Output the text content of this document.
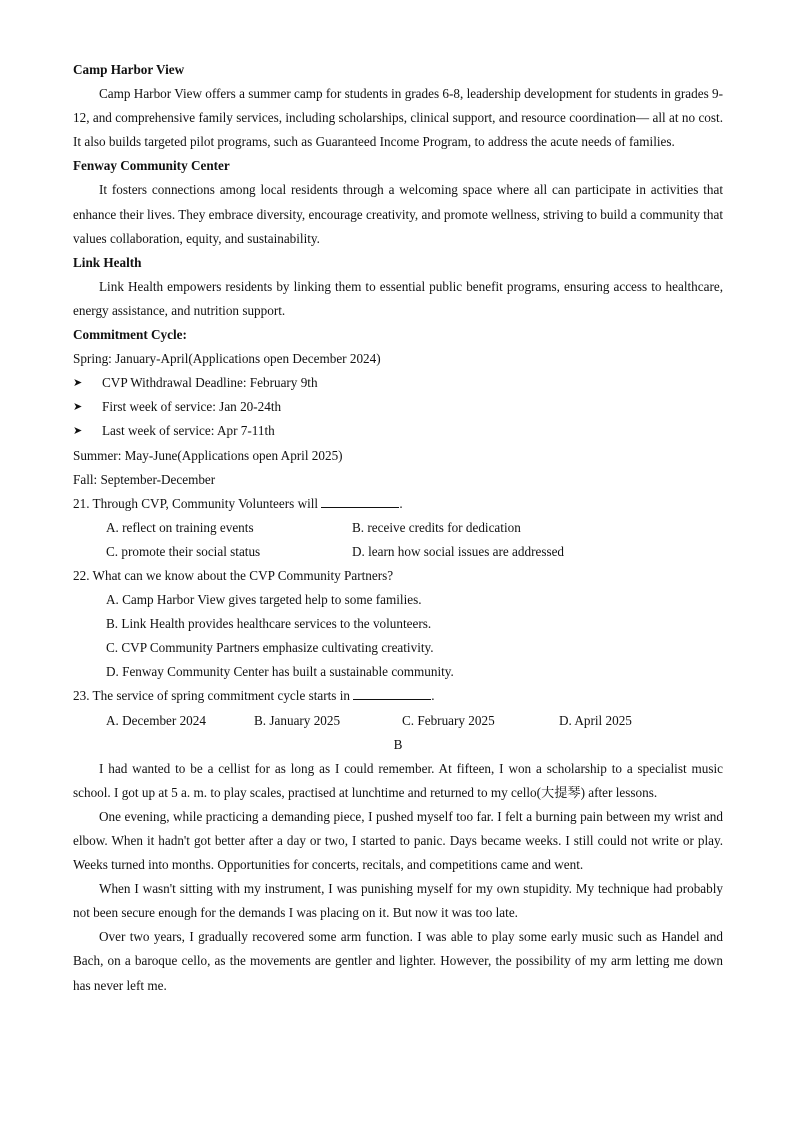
Camp Harbor View

Camp Harbor View offers a summer camp for students in grades 6-8, leadership development for students in grades 9-12, and comprehensive family services, including scholarships, clinical support, and resource coordination— all at no cost. It also builds targeted pilot programs, such as Guaranteed Income Program, to address the acute needs of families.

Fenway Community Center

It fosters connections among local residents through a welcoming space where all can participate in activities that enhance their lives. They embrace diversity, encourage creativity, and promote wellness, striving to build a community that values collaboration, equity, and sustainability.

Link Health

Link Health empowers residents by linking them to essential public benefit programs, ensuring access to healthcare, energy assistance, and nutrition support.

Commitment Cycle:
Spring: January-April(Applications open December 2024)
➤	CVP Withdrawal Deadline: February 9th
➤	First week of service: Jan 20-24th
➤	Last week of service: Apr 7-11th
Summer: May-June(Applications open April 2025)
Fall: September-December
21. Through CVP, Community Volunteers will	.
A. reflect on training events	B. receive credits for dedication
C. promote their social status	D. learn how social issues are addressed
22. What can we know about the CVP Community Partners?
A. Camp Harbor View gives targeted help to some families.
B. Link Health provides healthcare services to the volunteers.
C. CVP Community Partners emphasize cultivating creativity.
D. Fenway Community Center has built a sustainable community.
23. The service of spring commitment cycle starts in	.
A. December 2024	B. January 2025	C. February 2025	D. April 2025
B

I had wanted to be a cellist for as long as I could remember. At fifteen, I won a scholarship to a specialist music school. I got up at 5 a. m. to play scales, practised at lunchtime and returned to my cello(大提琴) after lessons.

One evening, while practicing a demanding piece, I pushed myself too far. I felt a burning pain between my wrist and elbow. When it hadn't got better after a day or two, I started to panic. Days became weeks. I still could not write or play. Weeks turned into months. Opportunities for concerts, recitals, and competitions came and went.

When I wasn't sitting with my instrument, I was punishing myself for my own stupidity. My technique had probably not been secure enough for the demands I was placing on it. But now it was too late.

Over two years, I gradually recovered some arm function. I was able to play some early music such as Handel and Bach, on a baroque cello, as the movements are gentler and lighter. However, the possibility of my arm letting me down has never left me.
